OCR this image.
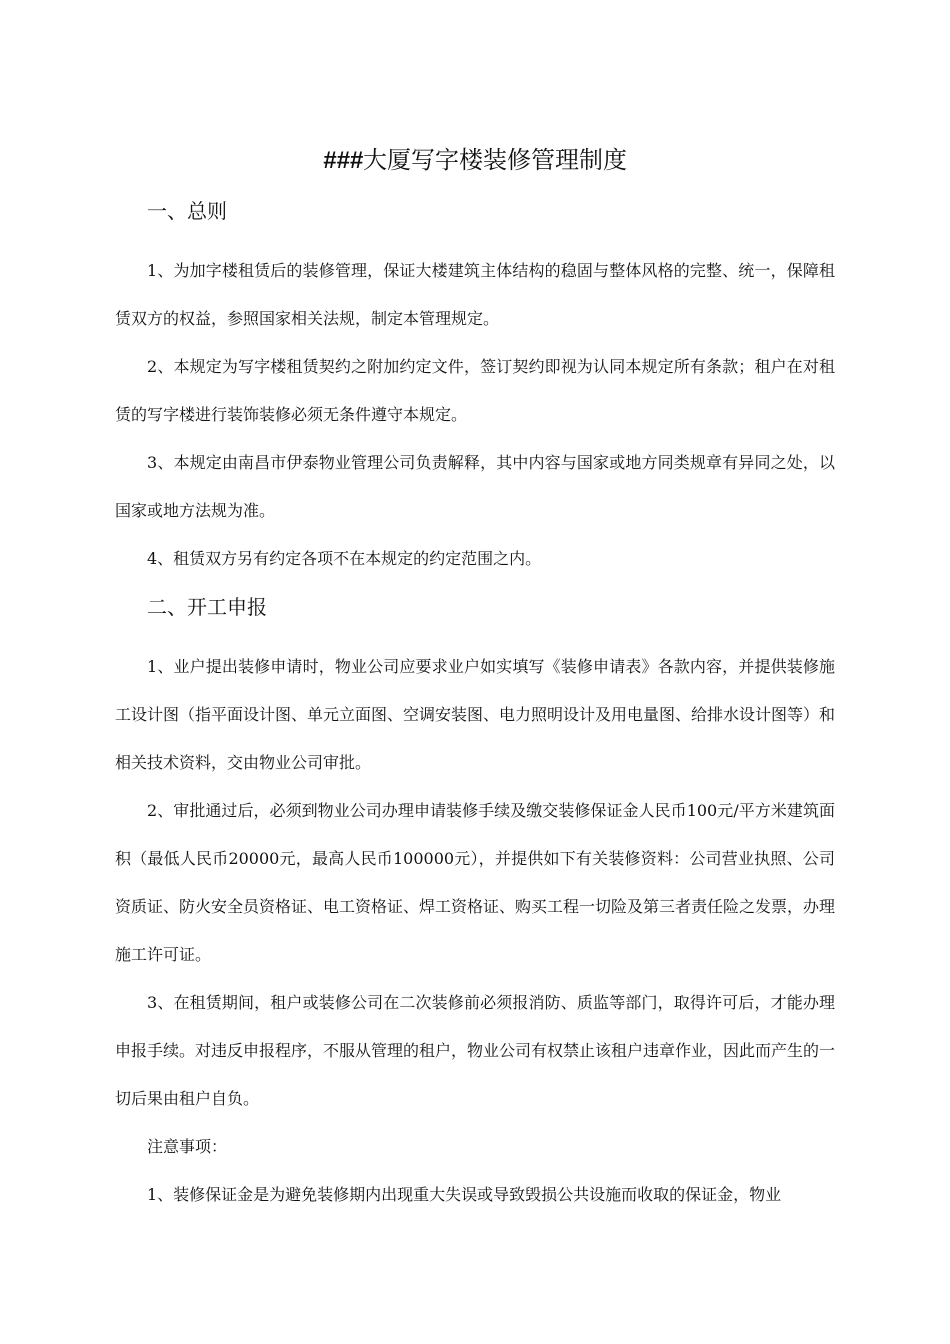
###大厦写字楼装修管理制度
一、总则

1、为加字楼租赁后的装修管理，保证大楼建筑主体结构的稳固与整体风格的完整、统一，保障租赁双方的权益，参照国家相关法规，制定本管理规定。

2、本规定为写字楼租赁契约之附加约定文件，签订契约即视为认同本规定所有条款；租户在对租赁的写字楼进行装饰装修必须无条件遵守本规定。

3、本规定由南昌市伊泰物业管理公司负责解释，其中内容与国家或地方同类规章有异同之处，以国家或地方法规为准。

4、租赁双方另有约定各项不在本规定的约定范围之内。

二、开工申报

1、业户提出装修申请时，物业公司应要求业户如实填写《装修申请表》各款内容，并提供装修施工设计图（指平面设计图、单元立面图、空调安装图、电力照明设计及用电量图、给排水设计图等）和相关技术资料，交由物业公司审批。

2、审批通过后，必须到物业公司办理申请装修手续及缴交装修保证金人民币100元/平方米建筑面积（最低人民币20000元，最高人民币100000元），并提供如下有关装修资料：公司营业执照、公司资质证、防火安全员资格证、电工资格证、焊工资格证、购买工程一切险及第三者责任险之发票，办理施工许可证。

3、在租赁期间，租户或装修公司在二次装修前必须报消防、质监等部门，取得许可后，才能办理申报手续。对违反申报程序，不服从管理的租户，物业公司有权禁止该租户违章作业，因此而产生的一切后果由租户自负。

注意事项：

1、装修保证金是为避免装修期内出现重大失误或导致毁损公共设施而收取的保证金，物业
